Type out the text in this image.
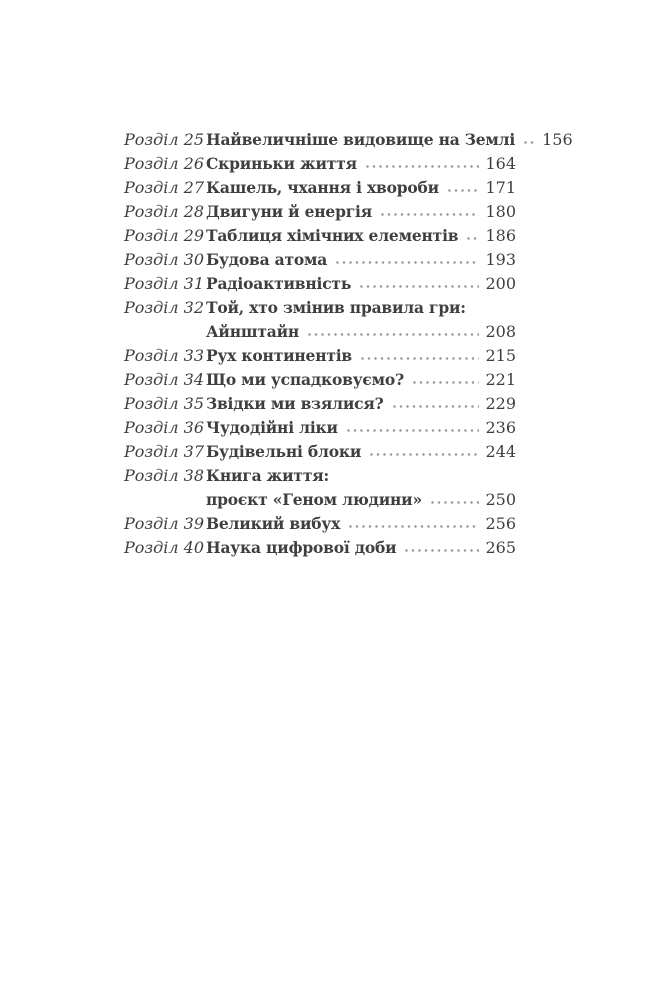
Розділ 25 Найвеличніше видовище на Землі 156
Розділ 26 Скриньки життя	164
Розділ 27 Кашель, чхання і хвороби	171
Розділ 28 Двигуни й енергія	180
Розділ 29 Таблиця хімічних елементів 186
Розділ 30 Будова атома	193
Розділ 31 Радіоактивність	200
Розділ 32 Той, хто змінив правила гри:
Айнштайн	208
Розділ 33 Рух континентів	215
Розділ 34 Що ми успадковуємо?	221
Розділ 35 Звідки ми взялися?	229
Розділ 36 Чудодійні ліки	236
Розділ 37 Будівельні блоки	244
Розділ 38 Книга життя:
проєкт «Геном людини»	250
Розділ 39 Великий вибух	256
Розділ 40 Наука цифрової доби	265
